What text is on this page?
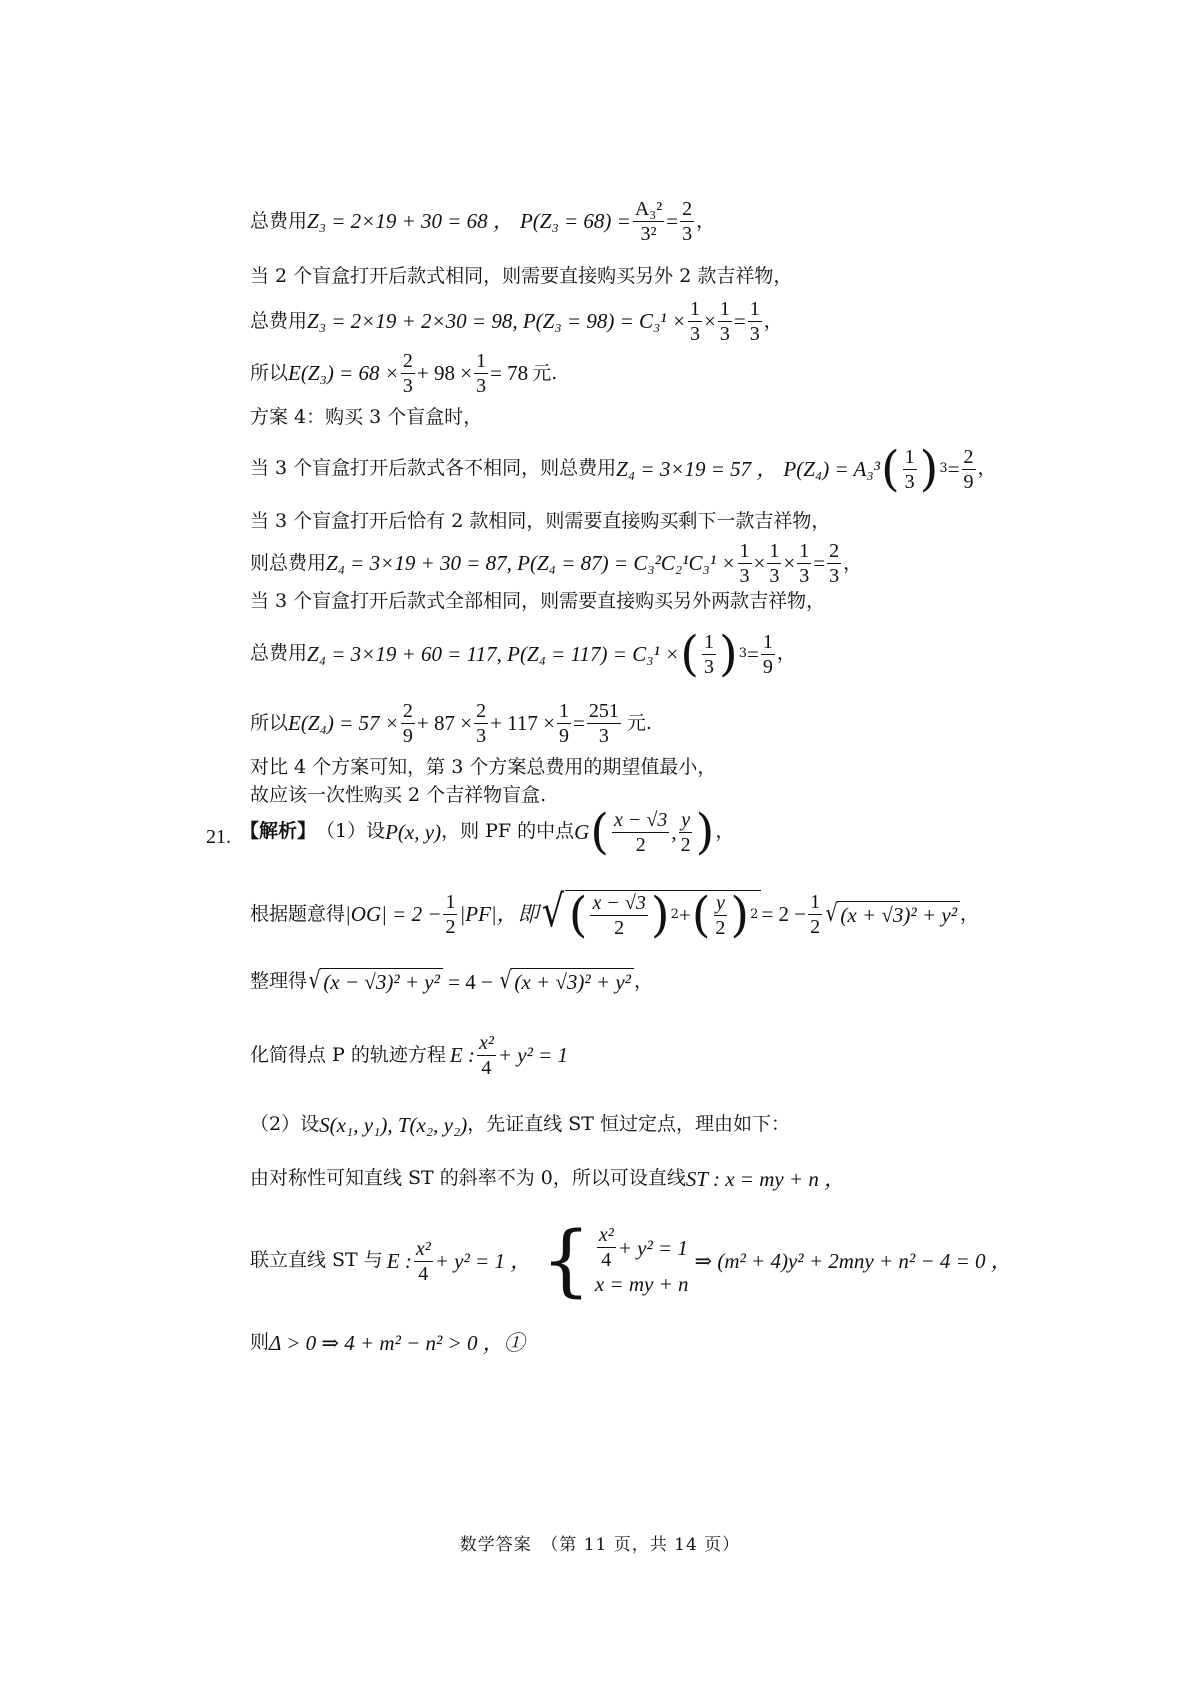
总费用 Z₃ = 2×19 + 30 = 68 ， $P(Z_3 = 68) = \frac{\text{A₃²}}{\text{3²}} = \frac{2}{3}$ ，
当 2 个盲盒打开后款式相同，则需要直接购买另外 2 款吉祥物，
总费用 Z₃ = 2×19 + 2×30 = 98, $P(Z_3 = 98) = C_3^1 \times \frac{1}{3} \times \frac{1}{3} = \frac{1}{3}$ ，
所以 $E(Z_3) = 68 \times \frac{2}{3} + 98 \times \frac{1}{3} = 78$ 元.
方案 4：购买 3 个盲盒时，
当 3 个盲盒打开后款式各不相同，则总费用 Z₄ = 3×19 = 57 ， P(Z₄) = A₃³ ( $\frac{1}{3}$ ) $3 = \frac{2}{9}$ ，
当 3 个盲盒打开后恰有 2 款相同，则需要直接购买剩下一款吉祥物，
则总费用 Z₄ = 3×19 + 30 = 87, $P(Z_4 = 87) = C_3^2C_2^1C_3^1 \times \frac{1}{3} \times \frac{1}{3} \times \frac{1}{3} = \frac{2}{3}$ ，
当 3 个盲盒打开后款式全部相同，则需要直接购买另外两款吉祥物，
总费用 Z₄ = 3×19 + 60 = 117, P(Z₄ = 117) = C₃¹ × ( $\frac{1}{3}$ ) $3 = \frac{1}{9}$ ，
所以 $E(Z_4) = 57 \times \frac{2}{9} + 87 \times \frac{2}{3} + 117 \times \frac{1}{9} = \frac{251}{3}$ 元.
对比 4 个方案可知，第 3 个方案总费用的期望值最小，
故应该一次性购买 2 个吉祥物盲盒.
21. 【解析】 （1）设 P(x, y) ，则 PF 的中点 G ( $\frac{x - √3}{2}$ , $\frac{y}{2}$ ) ，
根据题意得 $|OG| = 2 - \frac{1}{2} |PF|$，即 √ ( $\frac{x - √3}{2}$ ) 2 + ( $\frac{y}{2}$ ) $2 = 2 - \frac{1}{2}$ √ (x + √3)² + y² ，
整理得 √ (x − √3)² + y² = 4 − √ (x + √3)² + y² ，
化简得点 P 的轨迹方程 E : $\frac{\text{x²}}{4} + y^2 = 1$
（2）设 S(x₁, y₁), T(x₂, y₂) ，先证直线 ST 恒过定点，理由如下：
由对称性可知直线 ST 的斜率不为 0，所以可设直线 ST : x = my + n ，
联立直线 ST 与 E : $\frac{\text{x²}}{4} + y^2 = 1$ ， { $\frac{\text{x²}}{4} + y^2 = 1$
x = my + n
⇒ (m² + 4)y² + 2mny + n² − 4 = 0 ，
则 Δ > 0 ⇒ 4 + m² − n² > 0 ，①
数学答案　（第 11 页，共 14 页）
